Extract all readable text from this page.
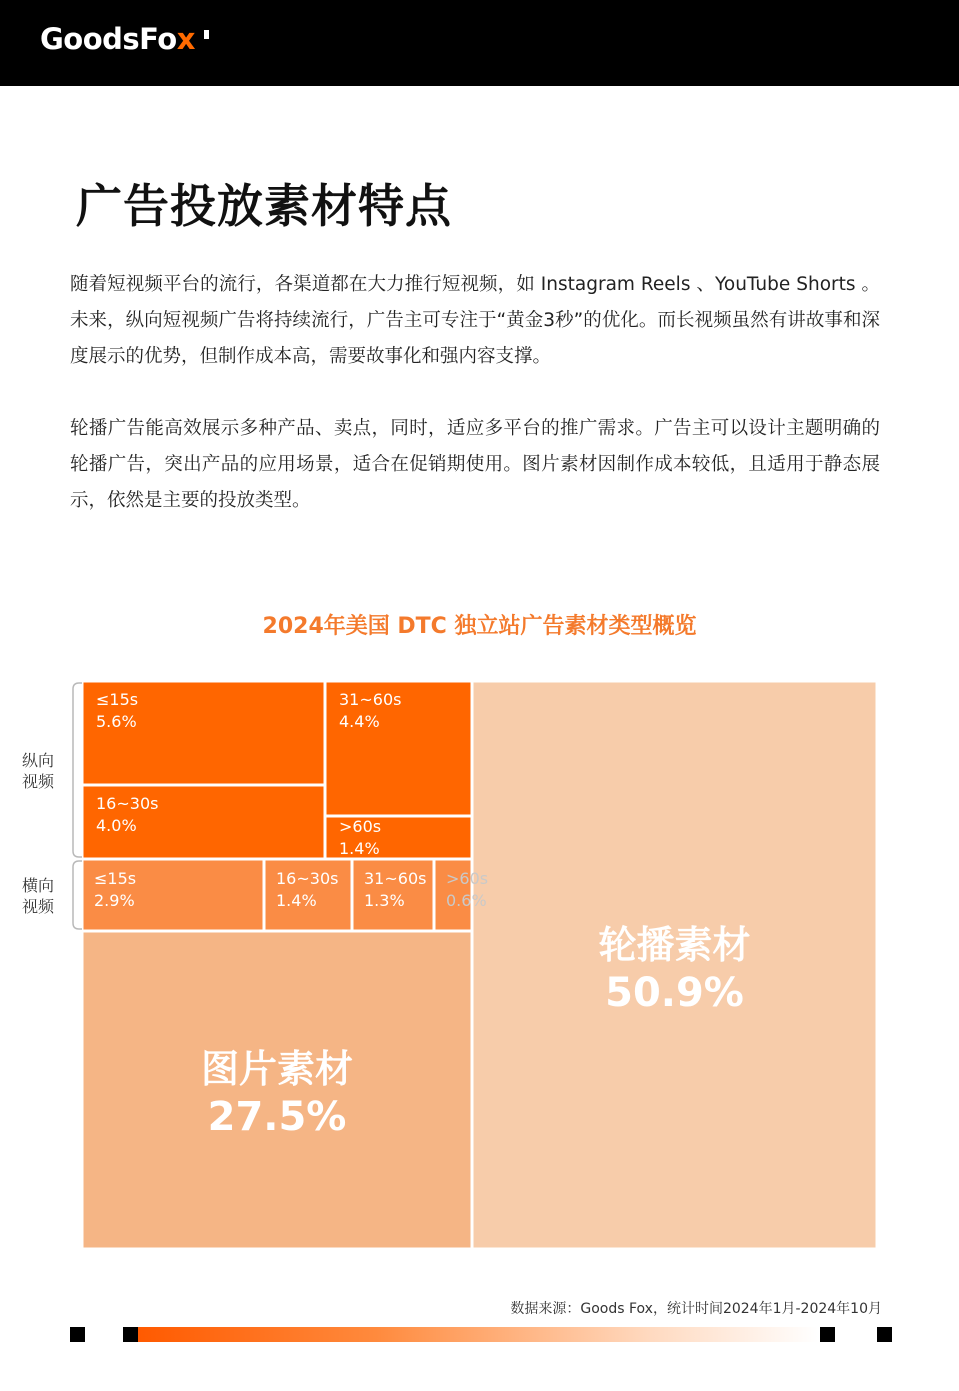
GoodsFox
广告投放素材特点
随着短视频平台的流行，各渠道都在大力推行短视频，如 Instagram Reels 、YouTube Shorts 。未来，纵向短视频广告将持续流行，广告主可专注于“黄金3秒”的优化。而长视频虽然有讲故事和深度展示的优势，但制作成本高，需要故事化和强内容支撑。
轮播广告能高效展示多种产品、卖点，同时，适应多平台的推广需求。广告主可以设计主题明确的轮播广告，突出产品的应用场景，适合在促销期使用。图片素材因制作成本较低，且适用于静态展示，依然是主要的投放类型。
2024年美国 DTC 独立站广告素材类型概览
轮播素材
50.9%
图片素材
27.5%
≤15s
5.6%
16~30s
4.0%
31~60s
4.4%
>60s
1.4%
≤15s
2.9%
16~30s
1.4%
31~60s
1.3%
>60s
0.6%
纵向
视频
横向
视频
数据来源：Goods Fox，统计时间2024年1月-2024年10月
